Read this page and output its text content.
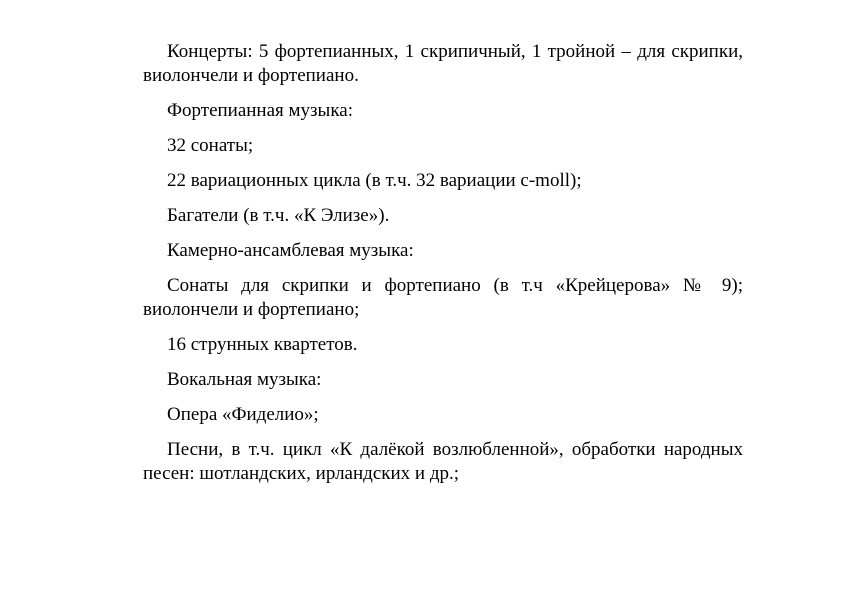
Концерты: 5 фортепианных, 1 скрипичный, 1 тройной – для скрипки, виолончели и фортепиано.

Фортепианная музыка:

32 сонаты;

22 вариационных цикла (в т.ч. 32 вариации c-moll);

Багатели (в т.ч. «К Элизе»).

Камерно-ансамблевая музыка:

Сонаты для скрипки и фортепиано (в т.ч «Крейцерова» № 9); виолончели и фортепиано;

16 струнных квартетов.

Вокальная музыка:

Опера «Фиделио»;

Песни, в т.ч. цикл «К далёкой возлюбленной», обработки народных песен: шотландских, ирландских и др.;
